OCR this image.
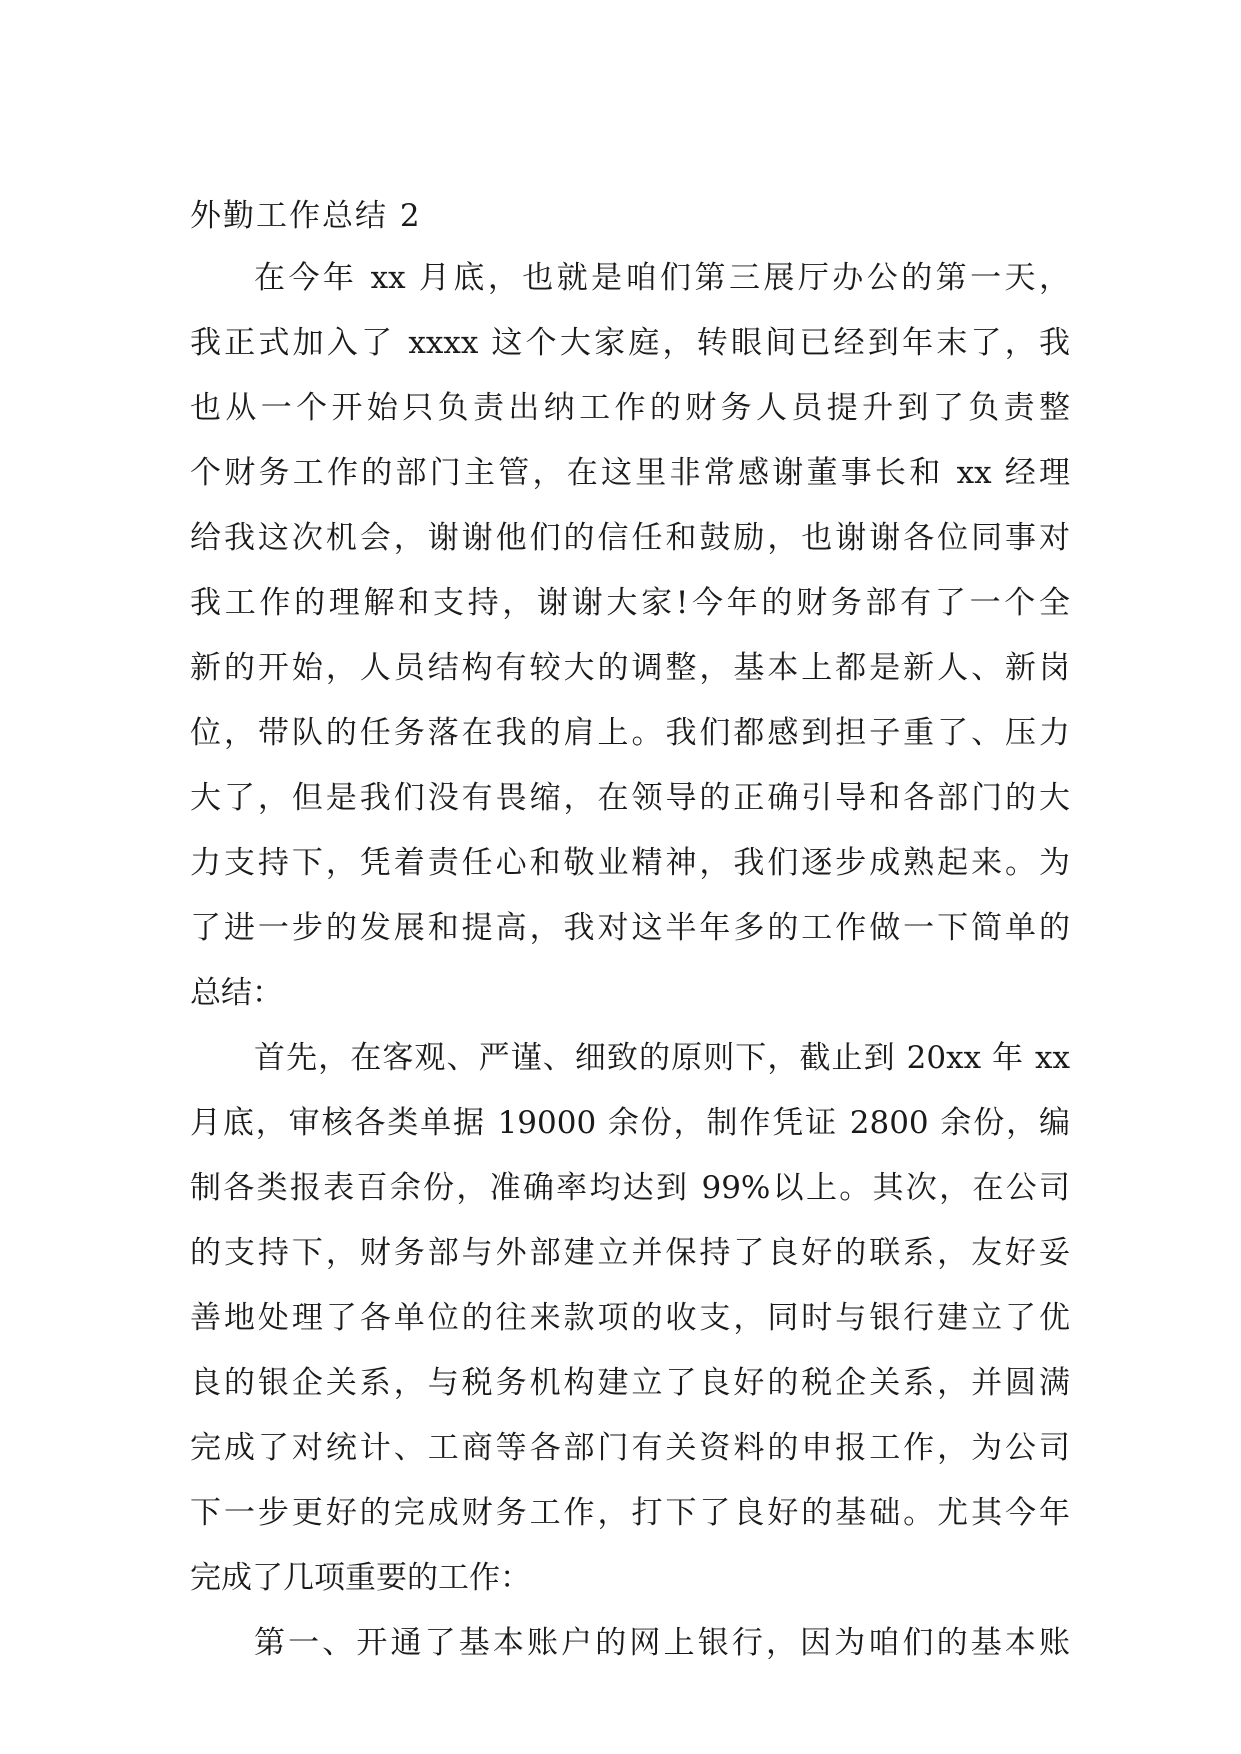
外勤工作总结 2
在今年 xx 月底，也就是咱们第三展厅办公的第一天，
我正式加入了 xxxx 这个大家庭，转眼间已经到年末了，我
也从一个开始只负责出纳工作的财务人员提升到了负责整
个财务工作的部门主管，在这里非常感谢董事长和 xx 经理
给我这次机会，谢谢他们的信任和鼓励，也谢谢各位同事对
我工作的理解和支持，谢谢大家!今年的财务部有了一个全
新的开始，人员结构有较大的调整，基本上都是新人、新岗
位，带队的任务落在我的肩上。我们都感到担子重了、压力
大了，但是我们没有畏缩，在领导的正确引导和各部门的大
力支持下，凭着责任心和敬业精神，我们逐步成熟起来。为
了进一步的发展和提高，我对这半年多的工作做一下简单的
总结：
首先，在客观、严谨、细致的原则下，截止到 20xx 年 xx
月底，审核各类单据 19000 余份，制作凭证 2800 余份，编
制各类报表百余份，准确率均达到 99%以上。其次，在公司
的支持下，财务部与外部建立并保持了良好的联系，友好妥
善地处理了各单位的往来款项的收支，同时与银行建立了优
良的银企关系，与税务机构建立了良好的税企关系，并圆满
完成了对统计、工商等各部门有关资料的申报工作，为公司
下一步更好的完成财务工作，打下了良好的基础。尤其今年
完成了几项重要的工作：
第一、开通了基本账户的网上银行，因为咱们的基本账
